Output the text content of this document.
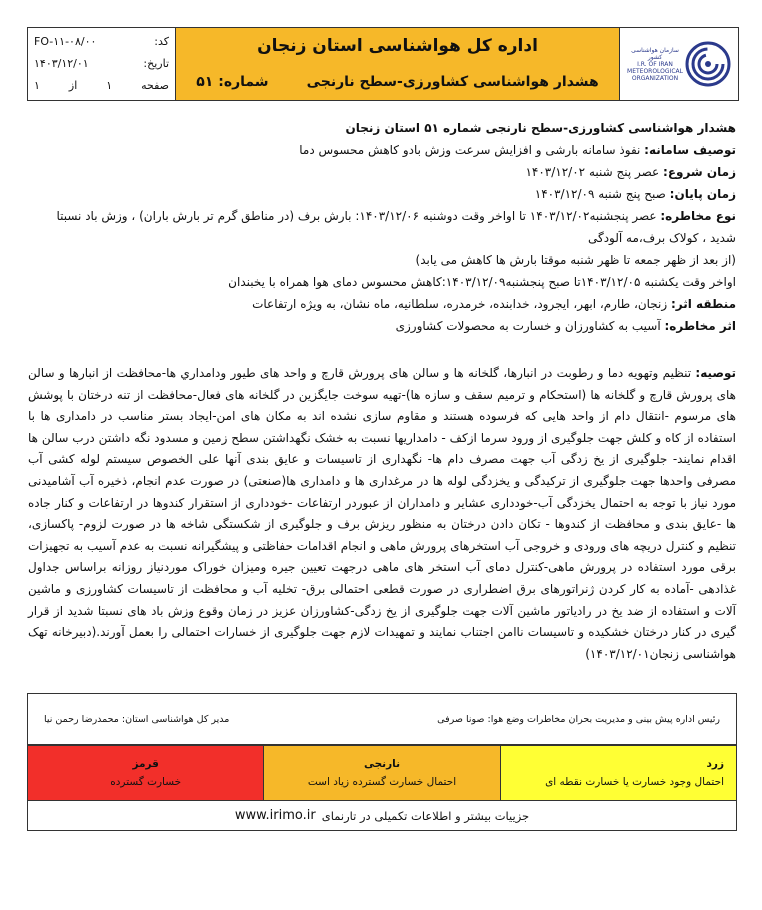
کد:
FO-۱۱-۰۸/۰۰
تاریخ:
۱۴۰۳/۱۲/۰۱
صفحه
۱
از
۱
اداره کل هواشناسی استان زنجان
هشدار هواشناسی کشاورزی-سطح نارنجی
شماره: ۵۱
سازمان هواشناسی کشور
I.R. OF IRAN METEOROLOGICAL ORGANIZATION

هشدار هواشناسی کشاورزی-سطح نارنجی شماره ۵۱ استان زنجان

توصیف سامانه: نفوذ سامانه بارشی و افزایش سرعت وزش بادو کاهش محسوس دما

زمان شروع: عصر پنج شنبه ۱۴۰۳/۱۲/۰۲

زمان پایان: صبح پنج شنبه ۱۴۰۳/۱۲/۰۹

نوع مخاطره: عصر پنجشنبه۱۴۰۳/۱۲/۰۲ تا اواخر وقت دوشنبه ۱۴۰۳/۱۲/۰۶: بارش برف (در مناطق گرم تر بارش باران) ، وزش باد نسبتا شدید ، کولاک برف،مه آلودگی

(از بعد از ظهر جمعه تا ظهر شنبه موقتا بارش ها کاهش می یابد)

اواخر وقت یکشنبه ۱۴۰۳/۱۲/۰۵تا صبح پنجشنبه۱۴۰۳/۱۲/۰۹:کاهش محسوس دمای هوا همراه با یخبندان

منطقه اثر: زنجان، طارم، ابهر، ایجرود، خدابنده، خرمدره، سلطانیه، ماه نشان، به ویژه ارتفاعات

اثر مخاطره: آسیب به کشاورزان و خسارت به محصولات کشاورزی

توصیه: تنظیم وتهویه دما و رطوبت در انبارها، گلخانه ها و سالن های پرورش قارچ و واحد های طیور ودامداري ها-محافظت از انبارها و سالن های پرورش قارچ و گلخانه ها (استحکام و ترمیم سقف و سازه ها)-تهیه سوخت جایگزین در گلخانه های فعال-محافظت از تنه درختان با پوشش های مرسوم -انتقال دام از واحد هایی که فرسوده هستند و مقاوم سازی نشده اند به مکان های امن-ایجاد بستر مناسب در دامداری ها با استفاده از کاه و کلش جهت جلوگیری از ورود سرما ازکف - دامداریها نسبت به خشک نگهداشتن سطح زمین و مسدود نگه داشتن درب سالن ها اقدام نمایند- جلوگیری از یخ زدگی آب جهت مصرف دام ها- نگهداری از تاسیسات و عایق بندی آنها علی الخصوص سیستم لوله کشی آب مصرفی واحدها جهت جلوگیری از ترکیدگی و یخزدگی لوله ها در مرغداری ها و دامداری ها(صنعتی) در صورت عدم انجام، ذخیره آب آشامیدنی مورد نیاز با توجه به احتمال یخزدگی آب-خودداری عشایر و دامداران از عبوردر ارتفاعات -خودداری از استقرار کندوها در ارتفاعات و کنار جاده ها -عایق بندی و محافظت از کندوها - تکان دادن درختان به منظور ریزش برف و جلوگیری از شکستگی شاخه ها در صورت لزوم- پاکسازی، تنظیم و کنترل دریچه های ورودی و خروجی آب استخرهای پرورش ماهی و انجام اقدامات حفاظتی و پیشگیرانه نسبت به عدم آسیب به تجهیزات برقی مورد استفاده در پرورش ماهی-کنترل دمای آب استخر های ماهی درجهت تعیین جیره ومیزان خوراک موردنیاز روزانه براساس جداول غذادهی -آماده به کار کردن ژنراتورهای برق اضطراری در صورت قطعی احتمالی برق- تخلیه آب و محافظت از تاسیسات کشاورزی و ماشین آلات و استفاده از ضد یخ در رادیاتور ماشین آلات جهت جلوگیری از یخ زدگی-کشاورزان عزیز در زمان وقوع وزش باد های نسبتا شدید از قرار گیری در کنار درختان خشکیده و تاسیسات ناامن اجتناب نمایند و تمهیدات لازم جهت جلوگیری از خسارات احتمالی را بعمل آورند.(دبیرخانه تهک هواشناسی زنجان۱۴۰۳/۱۲/۰۱)

رئیس اداره پیش بینی و مدیریت بحران مخاطرات وضع هوا: صونا صرفی
مدیر کل هواشناسی استان: محمدرضا رحمن نیا
زرد
احتمال وجود خسارت یا خسارت نقطه ای
نارنجی
احتمال خسارت گسترده زیاد است
قرمز
خسارت گسترده
جزییات بیشتر و اطلاعات تکمیلی در تارنمای
www.irimo.ir
